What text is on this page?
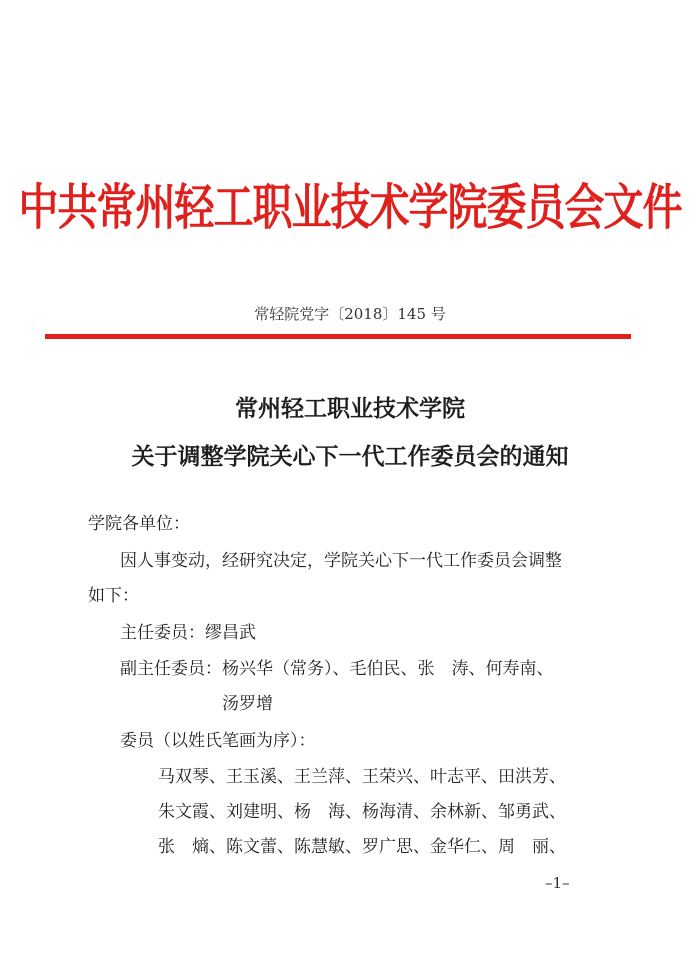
中共常州轻工职业技术学院委员会文件
常轻院党字〔2018〕145 号
常州轻工职业技术学院
关于调整学院关心下一代工作委员会的通知
学院各单位：
因人事变动，经研究决定，学院关心下一代工作委员会调整
如下：
主任委员：缪昌武
副主任委员：杨兴华（常务）、毛伯民、张　涛、何寿南、
汤罗增
委员（以姓氏笔画为序）：
马双琴、王玉溪、王兰萍、王荣兴、叶志平、田洪芳、
朱文霞、刘建明、杨　海、杨海清、余林新、邹勇武、
张　熵、陈文蕾、陈慧敏、罗广思、金华仁、周　丽、
–1–
